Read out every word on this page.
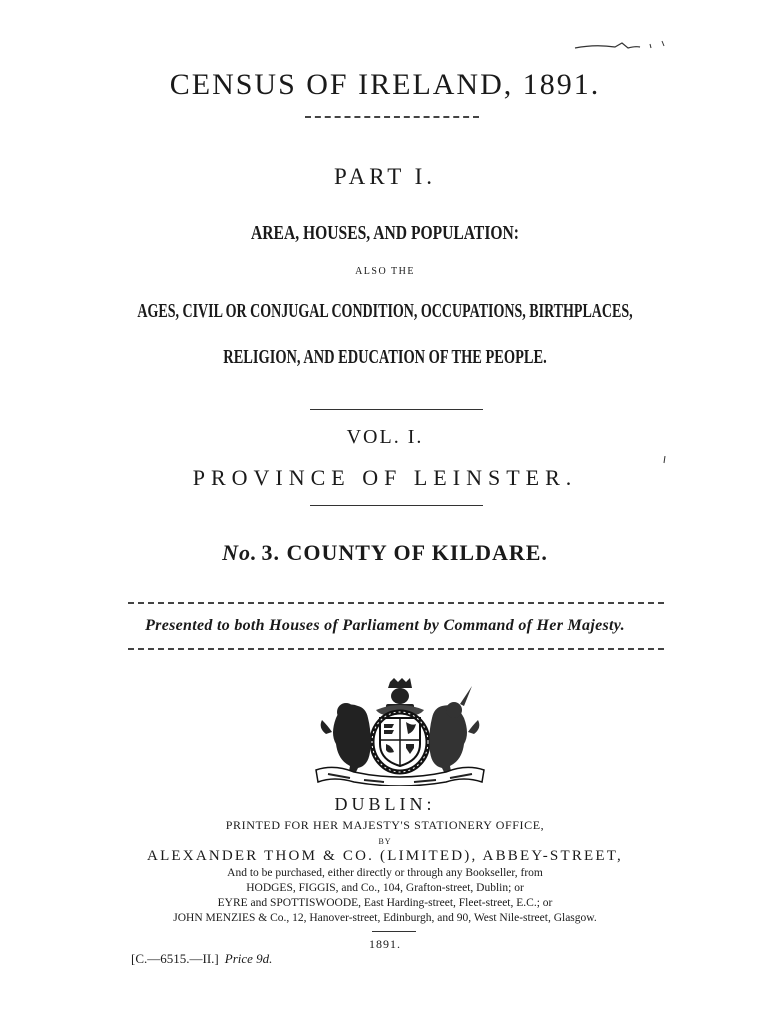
CENSUS OF IRELAND, 1891.
PART I.
AREA, HOUSES, AND POPULATION:
ALSO THE
AGES, CIVIL OR CONJUGAL CONDITION, OCCUPATIONS, BIRTHPLACES,
RELIGION, AND EDUCATION OF THE PEOPLE.
VOL. I.
PROVINCE OF LEINSTER.
No. 3. COUNTY OF KILDARE.
Presented to both Houses of Parliament by Command of Her Majesty.
DUBLIN:
PRINTED FOR HER MAJESTY'S STATIONERY OFFICE,
BY
ALEXANDER THOM & CO. (LIMITED), ABBEY-STREET,
And to be purchased, either directly or through any Bookseller, from
HODGES, FIGGIS, and Co., 104, Grafton-street, Dublin; or
EYRE and SPOTTISWOODE, East Harding-street, Fleet-street, E.C.; or
JOHN MENZIES & Co., 12, Hanover-street, Edinburgh, and 90, West Nile-street, Glasgow.
1891.
[C.—6515.—II.] Price 9d.
